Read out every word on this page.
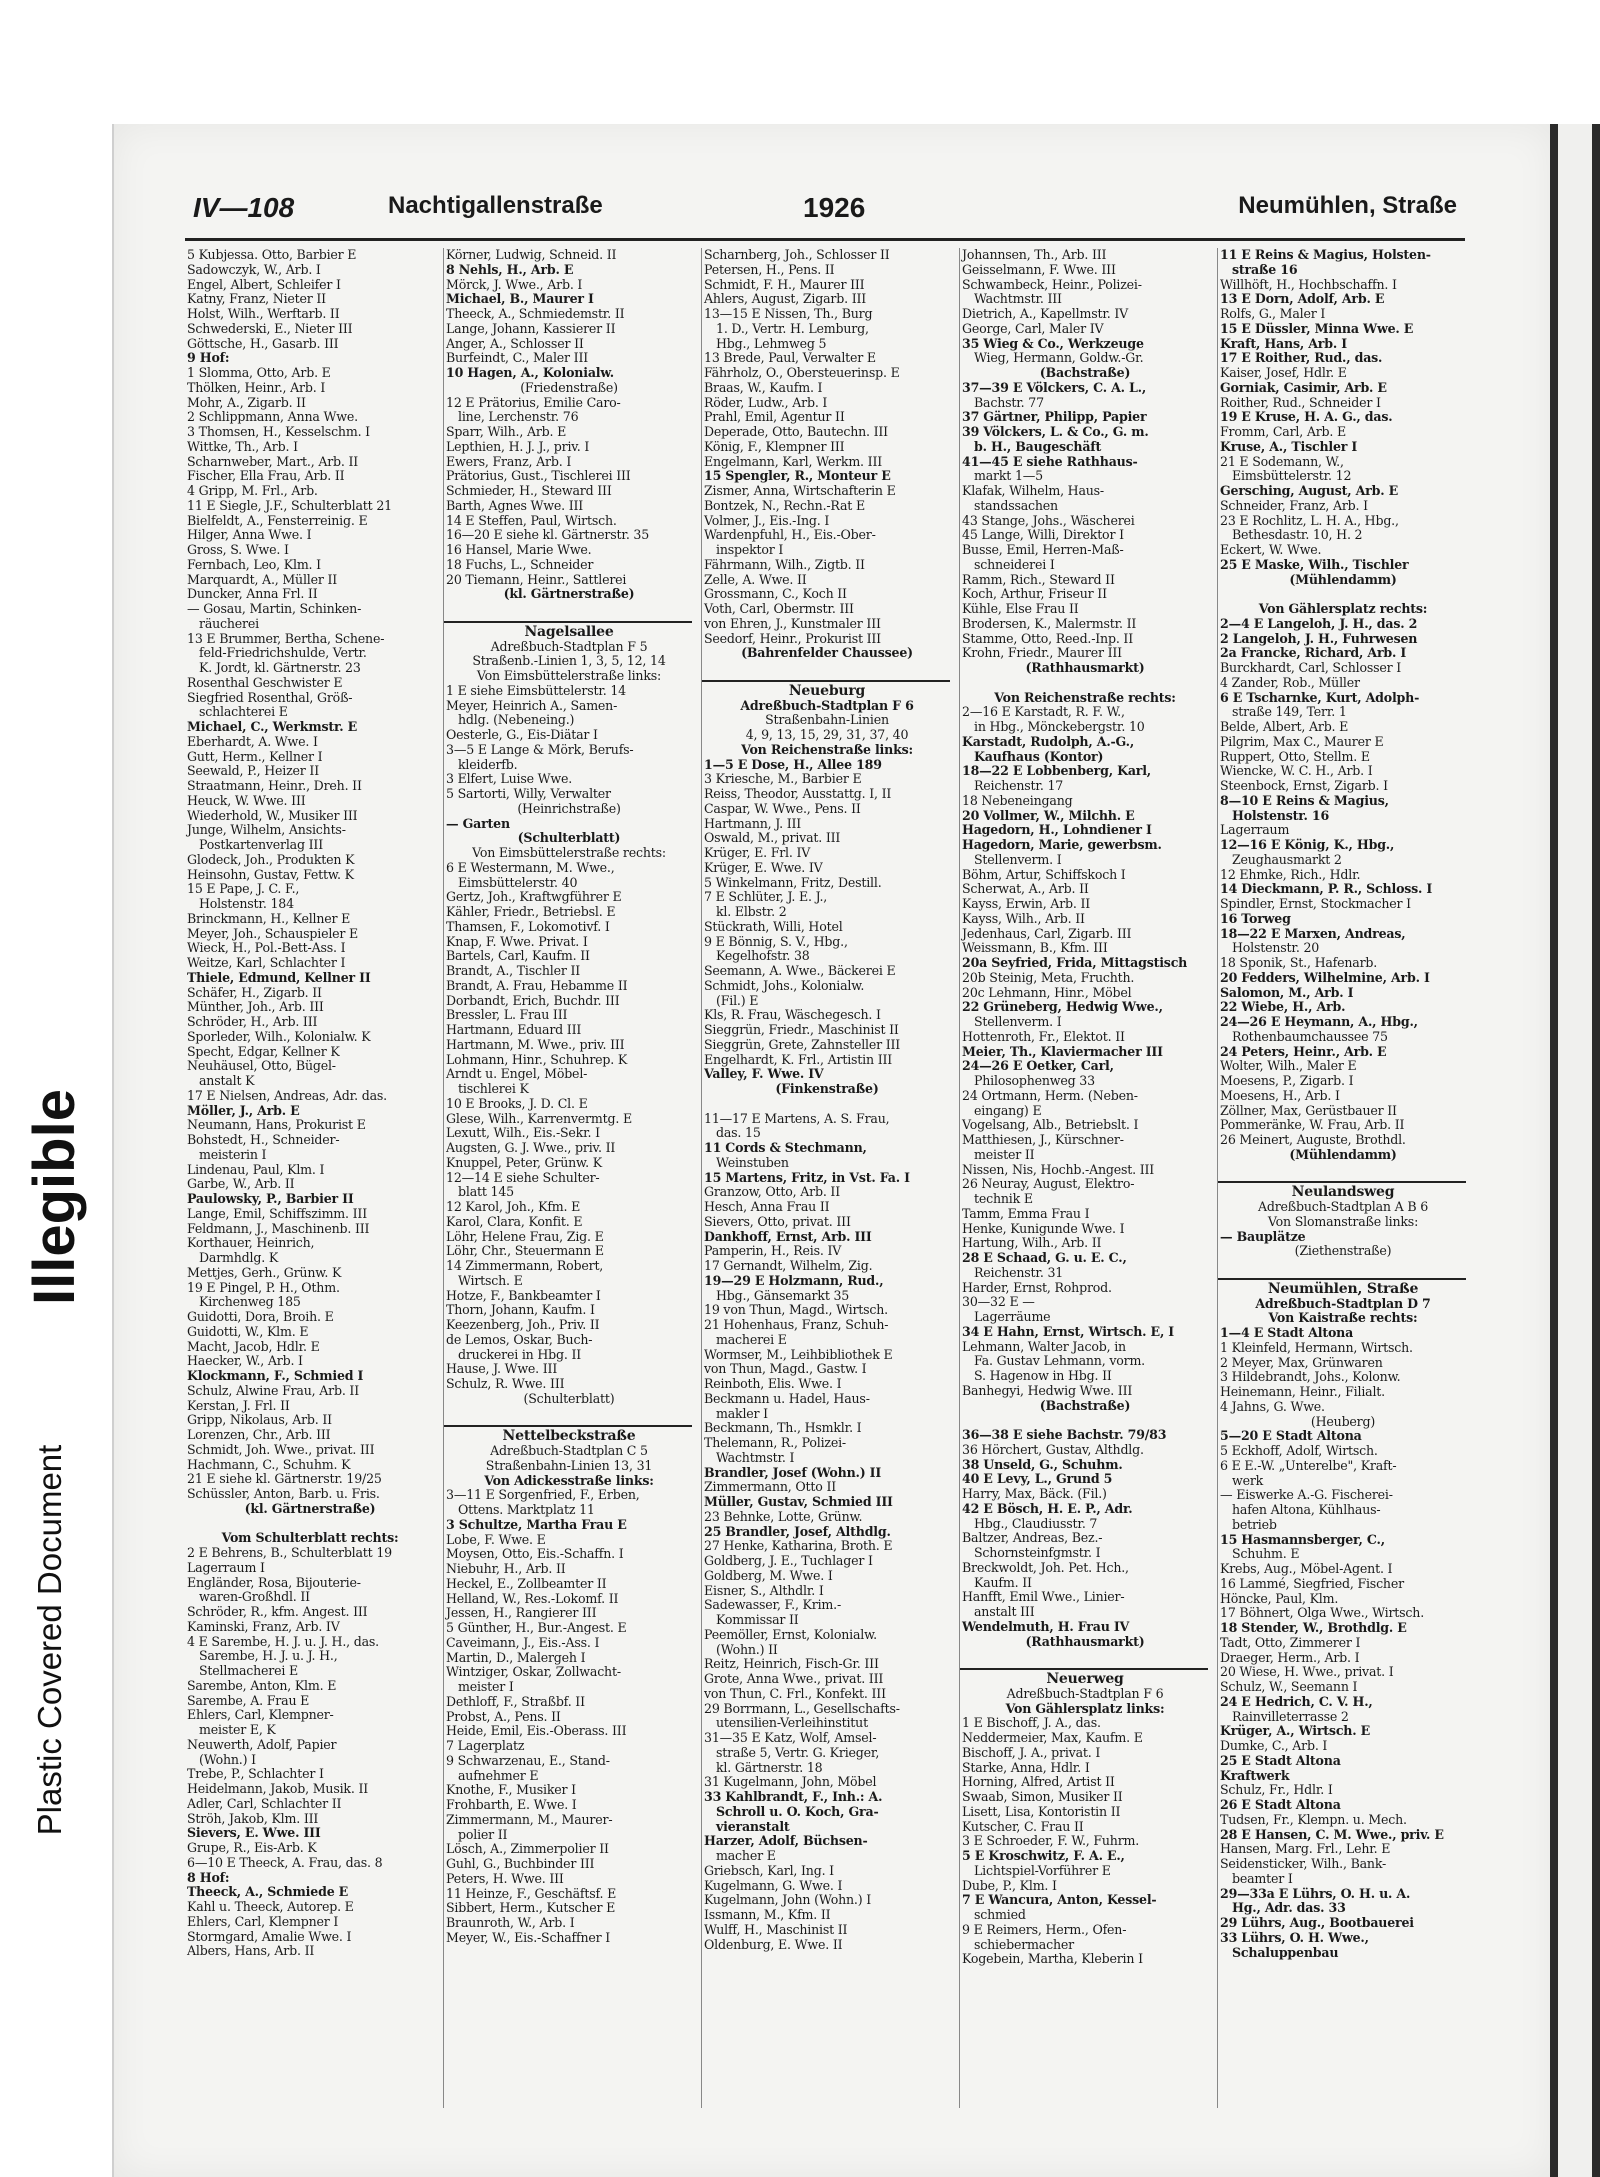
Illegible
Plastic Covered Document
IV—108	Nachtigallenstraße	1926	Neumühlen, Straße
5 Kubjessa. Otto, Barbier E
Sadowczyk, W., Arb. I
Engel, Albert, Schleifer I
Katny, Franz, Nieter II
Holst, Wilh., Werftarb. II
Schwederski, E., Nieter III
Göttsche, H., Gasarb. III
9 Hof:
1 Slomma, Otto, Arb. E
Thölken, Heinr., Arb. I
Mohr, A., Zigarb. II
2 Schlippmann, Anna Wwe.
3 Thomsen, H., Kesselschm. I
Wittke, Th., Arb. I
Scharnweber, Mart., Arb. II
Fischer, Ella Frau, Arb. II
4 Gripp, M. Frl., Arb.
11 E Siegle, J.F., Schulterblatt 21
Bielfeldt, A., Fensterreinig. E
Hilger, Anna Wwe. I
Gross, S. Wwe. I
Fernbach, Leo, Klm. I
Marquardt, A., Müller II
Duncker, Anna Frl. II
— Gosau, Martin, Schinken-
räucherei
13 E Brummer, Bertha, Schene-
feld-Friedrichshulde, Vertr.
K. Jordt, kl. Gärtnerstr. 23
Rosenthal Geschwister E
Siegfried Rosenthal, Größ-
schlachterei E
Michael, C., Werkmstr. E
Eberhardt, A. Wwe. I
Gutt, Herm., Kellner I
Seewald, P., Heizer II
Straatmann, Heinr., Dreh. II
Heuck, W. Wwe. III
Wiederhold, W., Musiker III
Junge, Wilhelm, Ansichts-
Postkartenverlag III
Glodeck, Joh., Produkten K
Heinsohn, Gustav, Fettw. K
15 E Pape, J. C. F.,
Holstenstr. 184
Brinckmann, H., Kellner E
Meyer, Joh., Schauspieler E
Wieck, H., Pol.-Bett-Ass. I
Weitze, Karl, Schlachter I
Thiele, Edmund, Kellner II
Schäfer, H., Zigarb. II
Münther, Joh., Arb. III
Schröder, H., Arb. III
Sporleder, Wilh., Kolonialw. K
Specht, Edgar, Kellner K
Neuhäusel, Otto, Bügel-
anstalt K
17 E Nielsen, Andreas, Adr. das.
Möller, J., Arb. E
Neumann, Hans, Prokurist E
Bohstedt, H., Schneider-
meisterin I
Lindenau, Paul, Klm. I
Garbe, W., Arb. II
Paulowsky, P., Barbier II
Lange, Emil, Schiffszimm. III
Feldmann, J., Maschinenb. III
Korthauer, Heinrich,
Darmhdlg. K
Mettjes, Gerh., Grünw. K
19 E Pingel, P. H., Othm.
Kirchenweg 185
Guidotti, Dora, Broih. E
Guidotti, W., Klm. E
Macht, Jacob, Hdlr. E
Haecker, W., Arb. I
Klockmann, F., Schmied I
Schulz, Alwine Frau, Arb. II
Kerstan, J. Frl. II
Gripp, Nikolaus, Arb. II
Lorenzen, Chr., Arb. III
Schmidt, Joh. Wwe., privat. III
Hachmann, C., Schuhm. K
21 E siehe kl. Gärtnerstr. 19/25
Schüssler, Anton, Barb. u. Fris.
(kl. Gärtnerstraße)
Vom Schulterblatt rechts:
2 E Behrens, B., Schulterblatt 19
Lagerraum I
Engländer, Rosa, Bijouterie-
waren-Großhdl. II
Schröder, R., kfm. Angest. III
Kaminski, Franz, Arb. IV
4 E Sarembe, H. J. u. J. H., das.
Sarembe, H. J. u. J. H.,
Stellmacherei E
Sarembe, Anton, Klm. E
Sarembe, A. Frau E
Ehlers, Carl, Klempner-
meister E, K
Neuwerth, Adolf, Papier
(Wohn.) I
Trebe, P., Schlachter I
Heidelmann, Jakob, Musik. II
Adler, Carl, Schlachter II
Ströh, Jakob, Klm. III
Sievers, E. Wwe. III
Grupe, R., Eis-Arb. K
6—10 E Theeck, A. Frau, das. 8
8 Hof:
Theeck, A., Schmiede E
Kahl u. Theeck, Autorep. E
Ehlers, Carl, Klempner I
Stormgard, Amalie Wwe. I
Albers, Hans, Arb. II
Körner, Ludwig, Schneid. II
8 Nehls, H., Arb. E
Mörck, J. Wwe., Arb. I
Michael, B., Maurer I
Theeck, A., Schmiedemstr. II
Lange, Johann, Kassierer II
Anger, A., Schlosser II
Burfeindt, C., Maler III
10 Hagen, A., Kolonialw.
(Friedenstraße)
12 E Prätorius, Emilie Caro-
line, Lerchenstr. 76
Sparr, Wilh., Arb. E
Lepthien, H. J. J., priv. I
Ewers, Franz, Arb. I
Prätorius, Gust., Tischlerei III
Schmieder, H., Steward III
Barth, Agnes Wwe. III
14 E Steffen, Paul, Wirtsch.
16—20 E siehe kl. Gärtnerstr. 35
16 Hansel, Marie Wwe.
18 Fuchs, L., Schneider
20 Tiemann, Heinr., Sattlerei
(kl. Gärtnerstraße)
Nagelsallee
Adreßbuch-Stadtplan F 5
Straßenb.-Linien 1, 3, 5, 12, 14
Von Eimsbüttelerstraße links:
1 E siehe Eimsbüttelerstr. 14
Meyer, Heinrich A., Samen-
hdlg. (Nebeneing.)
Oesterle, G., Eis-Diätar I
3—5 E Lange & Mörk, Berufs-
kleiderfb.
3 Elfert, Luise Wwe.
5 Sartorti, Willy, Verwalter
(Heinrichstraße)
— Garten
(Schulterblatt)
Von Eimsbüttelerstraße rechts:
6 E Westermann, M. Wwe.,
Eimsbüttelerstr. 40
Gertz, Joh., Kraftwgführer E
Kähler, Friedr., Betriebsl. E
Thamsen, F., Lokomotivf. I
Knap, F. Wwe. Privat. I
Bartels, Carl, Kaufm. II
Brandt, A., Tischler II
Brandt, A. Frau, Hebamme II
Dorbandt, Erich, Buchdr. III
Bressler, L. Frau III
Hartmann, Eduard III
Hartmann, M. Wwe., priv. III
Lohmann, Hinr., Schuhrep. K
Arndt u. Engel, Möbel-
tischlerei K
10 E Brooks, J. D. Cl. E
Glese, Wilh., Karrenvermtg. E
Lexutt, Wilh., Eis.-Sekr. I
Augsten, G. J. Wwe., priv. II
Knuppel, Peter, Grünw. K
12—14 E siehe Schulter-
blatt 145
12 Karol, Joh., Kfm. E
Karol, Clara, Konfit. E
Löhr, Helene Frau, Zig. E
Löhr, Chr., Steuermann E
14 Zimmermann, Robert,
Wirtsch. E
Hotze, F., Bankbeamter I
Thorn, Johann, Kaufm. I
Keezenberg, Joh., Priv. II
de Lemos, Oskar, Buch-
druckerei in Hbg. II
Hause, J. Wwe. III
Schulz, R. Wwe. III
(Schulterblatt)
Nettelbeckstraße
Adreßbuch-Stadtplan C 5
Straßenbahn-Linien 13, 31
Von Adickesstraße links:
3—11 E Sorgenfried, F., Erben,
Ottens. Marktplatz 11
3 Schultze, Martha Frau E
Lobe, F. Wwe. E
Moysen, Otto, Eis.-Schaffn. I
Niebuhr, H., Arb. II
Heckel, E., Zollbeamter II
Helland, W., Res.-Lokomf. II
Jessen, H., Rangierer III
5 Günther, H., Bur.-Angest. E
Caveimann, J., Eis.-Ass. I
Martin, D., Malergeh I
Wintziger, Oskar, Zollwacht-
meister I
Dethloff, F., Straßbf. II
Probst, A., Pens. II
Heide, Emil, Eis.-Oberass. III
7 Lagerplatz
9 Schwarzenau, E., Stand-
aufnehmer E
Knothe, F., Musiker I
Frohbarth, E. Wwe. I
Zimmermann, M., Maurer-
polier II
Lösch, A., Zimmerpolier II
Guhl, G., Buchbinder III
Peters, H. Wwe. III
11 Heinze, F., Geschäftsf. E
Sibbert, Herm., Kutscher E
Braunroth, W., Arb. I
Meyer, W., Eis.-Schaffner I
Scharnberg, Joh., Schlosser II
Petersen, H., Pens. II
Schmidt, F. H., Maurer III
Ahlers, August, Zigarb. III
13—15 E Nissen, Th., Burg
1. D., Vertr. H. Lemburg,
Hbg., Lehmweg 5
13 Brede, Paul, Verwalter E
Fährholz, O., Obersteuerinsp. E
Braas, W., Kaufm. I
Röder, Ludw., Arb. I
Prahl, Emil, Agentur II
Deperade, Otto, Bautechn. III
König, F., Klempner III
Engelmann, Karl, Werkm. III
15 Spengler, R., Monteur E
Zismer, Anna, Wirtschafterin E
Bontzek, N., Rechn.-Rat E
Volmer, J., Eis.-Ing. I
Wardenpfuhl, H., Eis.-Ober-
inspektor I
Fährmann, Wilh., Zigtb. II
Zelle, A. Wwe. II
Grossmann, C., Koch II
Voth, Carl, Obermstr. III
von Ehren, J., Kunstmaler III
Seedorf, Heinr., Prokurist III
(Bahrenfelder Chaussee)
Neueburg
Adreßbuch-Stadtplan F 6
Straßenbahn-Linien
4, 9, 13, 15, 29, 31, 37, 40
Von Reichenstraße links:
1—5 E Dose, H., Allee 189
3 Kriesche, M., Barbier E
Reiss, Theodor, Ausstattg. I, II
Caspar, W. Wwe., Pens. II
Hartmann, J. III
Oswald, M., privat. III
Krüger, E. Frl. IV
Krüger, E. Wwe. IV
5 Winkelmann, Fritz, Destill.
7 E Schlüter, J. E. J.,
kl. Elbstr. 2
Stückrath, Willi, Hotel
9 E Bönnig, S. V., Hbg.,
Kegelhofstr. 38
Seemann, A. Wwe., Bäckerei E
Schmidt, Johs., Kolonialw.
(Fil.) E
Kls, R. Frau, Wäschegesch. I
Sieggrün, Friedr., Maschinist II
Sieggrün, Grete, Zahnsteller III
Engelhardt, K. Frl., Artistin III
Valley, F. Wwe. IV
(Finkenstraße)
11—17 E Martens, A. S. Frau,
das. 15
11 Cords & Stechmann,
Weinstuben
15 Martens, Fritz, in Vst. Fa. I
Granzow, Otto, Arb. II
Hesch, Anna Frau II
Sievers, Otto, privat. III
Dankhoff, Ernst, Arb. III
Pamperin, H., Reis. IV
17 Gernandt, Wilhelm, Zig.
19—29 E Holzmann, Rud.,
Hbg., Gänsemarkt 35
19 von Thun, Magd., Wirtsch.
21 Hohenhaus, Franz, Schuh-
macherei E
Wormser, M., Leihbibliothek E
von Thun, Magd., Gastw. I
Reinboth, Elis. Wwe. I
Beckmann u. Hadel, Haus-
makler I
Beckmann, Th., Hsmklr. I
Thelemann, R., Polizei-
Wachtmstr. I
Brandler, Josef (Wohn.) II
Zimmermann, Otto II
Müller, Gustav, Schmied III
23 Behnke, Lotte, Grünw.
25 Brandler, Josef, Althdlg.
27 Henke, Katharina, Broth. E
Goldberg, J. E., Tuchlager I
Goldberg, M. Wwe. I
Eisner, S., Althdlr. I
Sadewasser, F., Krim.-
Kommissar II
Peemöller, Ernst, Kolonialw.
(Wohn.) II
Reitz, Heinrich, Fisch-Gr. III
Grote, Anna Wwe., privat. III
von Thun, C. Frl., Konfekt. III
29 Borrmann, L., Gesellschafts-
utensilien-Verleihinstitut
31—35 E Katz, Wolf, Amsel-
straße 5, Vertr. G. Krieger,
kl. Gärtnerstr. 18
31 Kugelmann, John, Möbel
33 Kahlbrandt, F., Inh.: A.
Schroll u. O. Koch, Gra-
vieranstalt
Harzer, Adolf, Büchsen-
macher E
Griebsch, Karl, Ing. I
Kugelmann, G. Wwe. I
Kugelmann, John (Wohn.) I
Issmann, M., Kfm. II
Wulff, H., Maschinist II
Oldenburg, E. Wwe. II
Johannsen, Th., Arb. III
Geisselmann, F. Wwe. III
Schwambeck, Heinr., Polizei-
Wachtmstr. III
Dietrich, A., Kapellmstr. IV
George, Carl, Maler IV
35 Wieg & Co., Werkzeuge
Wieg, Hermann, Goldw.-Gr.
(Bachstraße)
37—39 E Völckers, C. A. L.,
Bachstr. 77
37 Gärtner, Philipp, Papier
39 Völckers, L. & Co., G. m.
b. H., Baugeschäft
41—45 E siehe Rathhaus-
markt 1—5
Klafak, Wilhelm, Haus-
standssachen
43 Stange, Johs., Wäscherei
45 Lange, Willi, Direktor I
Busse, Emil, Herren-Maß-
schneiderei I
Ramm, Rich., Steward II
Koch, Arthur, Friseur II
Kühle, Else Frau II
Brodersen, K., Malermstr. II
Stamme, Otto, Reed.-Inp. II
Krohn, Friedr., Maurer III
(Rathhausmarkt)
Von Reichenstraße rechts:
2—16 E Karstadt, R. F. W.,
in Hbg., Mönckebergstr. 10
Karstadt, Rudolph, A.-G.,
Kaufhaus (Kontor)
18—22 E Lobbenberg, Karl,
Reichenstr. 17
18 Nebeneingang
20 Vollmer, W., Milchh. E
Hagedorn, H., Lohndiener I
Hagedorn, Marie, gewerbsm.
Stellenverm. I
Böhm, Artur, Schiffskoch I
Scherwat, A., Arb. II
Kayss, Erwin, Arb. II
Kayss, Wilh., Arb. II
Jedenhaus, Carl, Zigarb. III
Weissmann, B., Kfm. III
20a Seyfried, Frida, Mittagstisch
20b Steinig, Meta, Fruchth.
20c Lehmann, Hinr., Möbel
22 Grüneberg, Hedwig Wwe.,
Stellenverm. I
Hottenroth, Fr., Elektot. II
Meier, Th., Klaviermacher III
24—26 E Oetker, Carl,
Philosophenweg 33
24 Ortmann, Herm. (Neben-
eingang) E
Vogelsang, Alb., Betriebslt. I
Matthiesen, J., Kürschner-
meister II
Nissen, Nis, Hochb.-Angest. III
26 Neuray, August, Elektro-
technik E
Tamm, Emma Frau I
Henke, Kunigunde Wwe. I
Hartung, Wilh., Arb. II
28 E Schaad, G. u. E. C.,
Reichenstr. 31
Harder, Ernst, Rohprod.
30—32 E —
Lagerräume
34 E Hahn, Ernst, Wirtsch. E, I
Lehmann, Walter Jacob, in
Fa. Gustav Lehmann, vorm.
S. Hagenow in Hbg. II
Banhegyi, Hedwig Wwe. III
(Bachstraße)
36—38 E siehe Bachstr. 79/83
36 Hörchert, Gustav, Althdlg.
38 Unseld, G., Schuhm.
40 E Levy, L., Grund 5
Harry, Max, Bäck. (Fil.)
42 E Bösch, H. E. P., Adr.
Hbg., Claudiusstr. 7
Baltzer, Andreas, Bez.-
Schornsteinfgmstr. I
Breckwoldt, Joh. Pet. Hch.,
Kaufm. II
Hanfft, Emil Wwe., Linier-
anstalt III
Wendelmuth, H. Frau IV
(Rathhausmarkt)
Neuerweg
Adreßbuch-Stadtplan F 6
Von Gählersplatz links:
1 E Bischoff, J. A., das.
Neddermeier, Max, Kaufm. E
Bischoff, J. A., privat. I
Starke, Anna, Hdlr. I
Horning, Alfred, Artist II
Swaab, Simon, Musiker II
Lisett, Lisa, Kontoristin II
Kutscher, C. Frau II
3 E Schroeder, F. W., Fuhrm.
5 E Kroschwitz, F. A. E.,
Lichtspiel-Vorführer E
Dube, P., Klm. I
7 E Wancura, Anton, Kessel-
schmied
9 E Reimers, Herm., Ofen-
schiebermacher
Kogebein, Martha, Kleberin I
11 E Reins & Magius, Holsten-
straße 16
Willhöft, H., Hochbschaffn. I
13 E Dorn, Adolf, Arb. E
Rolfs, G., Maler I
15 E Düssler, Minna Wwe. E
Kraft, Hans, Arb. I
17 E Roither, Rud., das.
Kaiser, Josef, Hdlr. E
Gorniak, Casimir, Arb. E
Roither, Rud., Schneider I
19 E Kruse, H. A. G., das.
Fromm, Carl, Arb. E
Kruse, A., Tischler I
21 E Sodemann, W.,
Eimsbüttelerstr. 12
Gersching, August, Arb. E
Schneider, Franz, Arb. I
23 E Rochlitz, L. H. A., Hbg.,
Bethesdastr. 10, H. 2
Eckert, W. Wwe.
25 E Maske, Wilh., Tischler
(Mühlendamm)
Von Gählersplatz rechts:
2—4 E Langeloh, J. H., das. 2
2 Langeloh, J. H., Fuhrwesen
2a Francke, Richard, Arb. I
Burckhardt, Carl, Schlosser I
4 Zander, Rob., Müller
6 E Tscharnke, Kurt, Adolph-
straße 149, Terr. 1
Belde, Albert, Arb. E
Pilgrim, Max C., Maurer E
Ruppert, Otto, Stellm. E
Wiencke, W. C. H., Arb. I
Steenbock, Ernst, Zigarb. I
8—10 E Reins & Magius,
Holstenstr. 16
Lagerraum
12—16 E König, K., Hbg.,
Zeughausmarkt 2
12 Ehmke, Rich., Hdlr.
14 Dieckmann, P. R., Schloss. I
Spindler, Ernst, Stockmacher I
16 Torweg
18—22 E Marxen, Andreas,
Holstenstr. 20
18 Sponik, St., Hafenarb.
20 Fedders, Wilhelmine, Arb. I
Salomon, M., Arb. I
22 Wiebe, H., Arb.
24—26 E Heymann, A., Hbg.,
Rothenbaumchaussee 75
24 Peters, Heinr., Arb. E
Wolter, Wilh., Maler E
Moesens, P., Zigarb. I
Moesens, H., Arb. I
Zöllner, Max, Gerüstbauer II
Pommeränke, W. Frau, Arb. II
26 Meinert, Auguste, Brothdl.
(Mühlendamm)
Neulandsweg
Adreßbuch-Stadtplan A B 6
Von Slomanstraße links:
— Bauplätze
(Ziethenstraße)
Neumühlen, Straße
Adreßbuch-Stadtplan D 7
Von Kaistraße rechts:
1—4 E Stadt Altona
1 Kleinfeld, Hermann, Wirtsch.
2 Meyer, Max, Grünwaren
3 Hildebrandt, Johs., Kolonw.
Heinemann, Heinr., Filialt.
4 Jahns, G. Wwe.
(Heuberg)
5—20 E Stadt Altona
5 Eckhoff, Adolf, Wirtsch.
6 E E.-W. „Unterelbe", Kraft-
werk
— Eiswerke A.-G. Fischerei-
hafen Altona, Kühlhaus-
betrieb
15 Hasmannsberger, C.,
Schuhm. E
Krebs, Aug., Möbel-Agent. I
16 Lammé, Siegfried, Fischer
Höncke, Paul, Klm.
17 Böhnert, Olga Wwe., Wirtsch.
18 Stender, W., Brothdlg. E
Tadt, Otto, Zimmerer I
Draeger, Herm., Arb. I
20 Wiese, H. Wwe., privat. I
Schulz, W., Seemann I
24 E Hedrich, C. V. H.,
Rainvilleterrasse 2
Krüger, A., Wirtsch. E
Dumke, C., Arb. I
25 E Stadt Altona
Kraftwerk
Schulz, Fr., Hdlr. I
26 E Stadt Altona
Tudsen, Fr., Klempn. u. Mech.
28 E Hansen, C. M. Wwe., priv. E
Hansen, Marg. Frl., Lehr. E
Seidensticker, Wilh., Bank-
beamter I
29—33a E Lührs, O. H. u. A.
Hg., Adr. das. 33
29 Lührs, Aug., Bootbauerei
33 Lührs, O. H. Wwe.,
Schaluppenbau
